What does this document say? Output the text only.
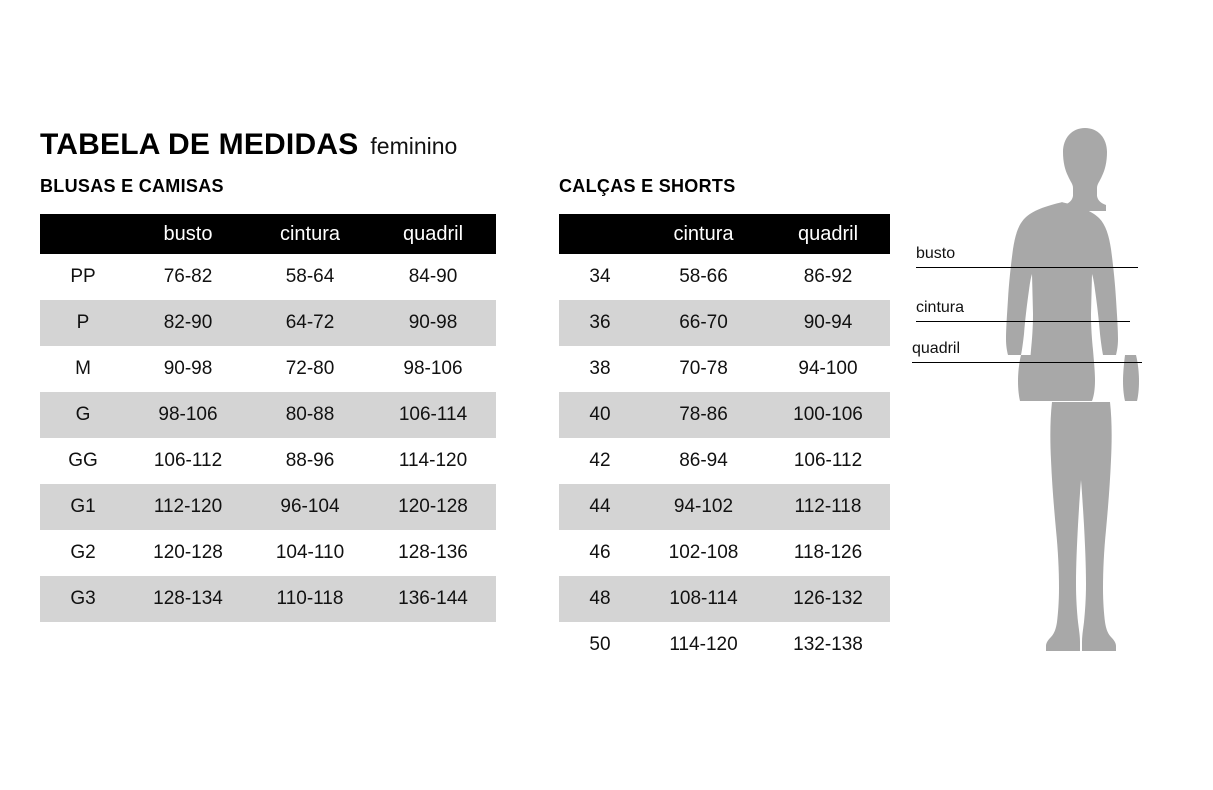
TABELA DE MEDIDAS feminino
BLUSAS E CAMISAS
	busto	cintura	quadril
PP	76-82	58-64	84-90
P	82-90	64-72	90-98
M	90-98	72-80	98-106
G	98-106	80-88	106-114
GG	106-112	88-96	114-120
G1	112-120	96-104	120-128
G2	120-128	104-110	128-136
G3	128-134	110-118	136-144
CALÇAS E SHORTS
	cintura	quadril
34	58-66	86-92
36	66-70	90-94
38	70-78	94-100
40	78-86	100-106
42	86-94	106-112
44	94-102	112-118
46	102-108	118-126
48	108-114	126-132
50	114-120	132-138
busto
cintura
quadril
